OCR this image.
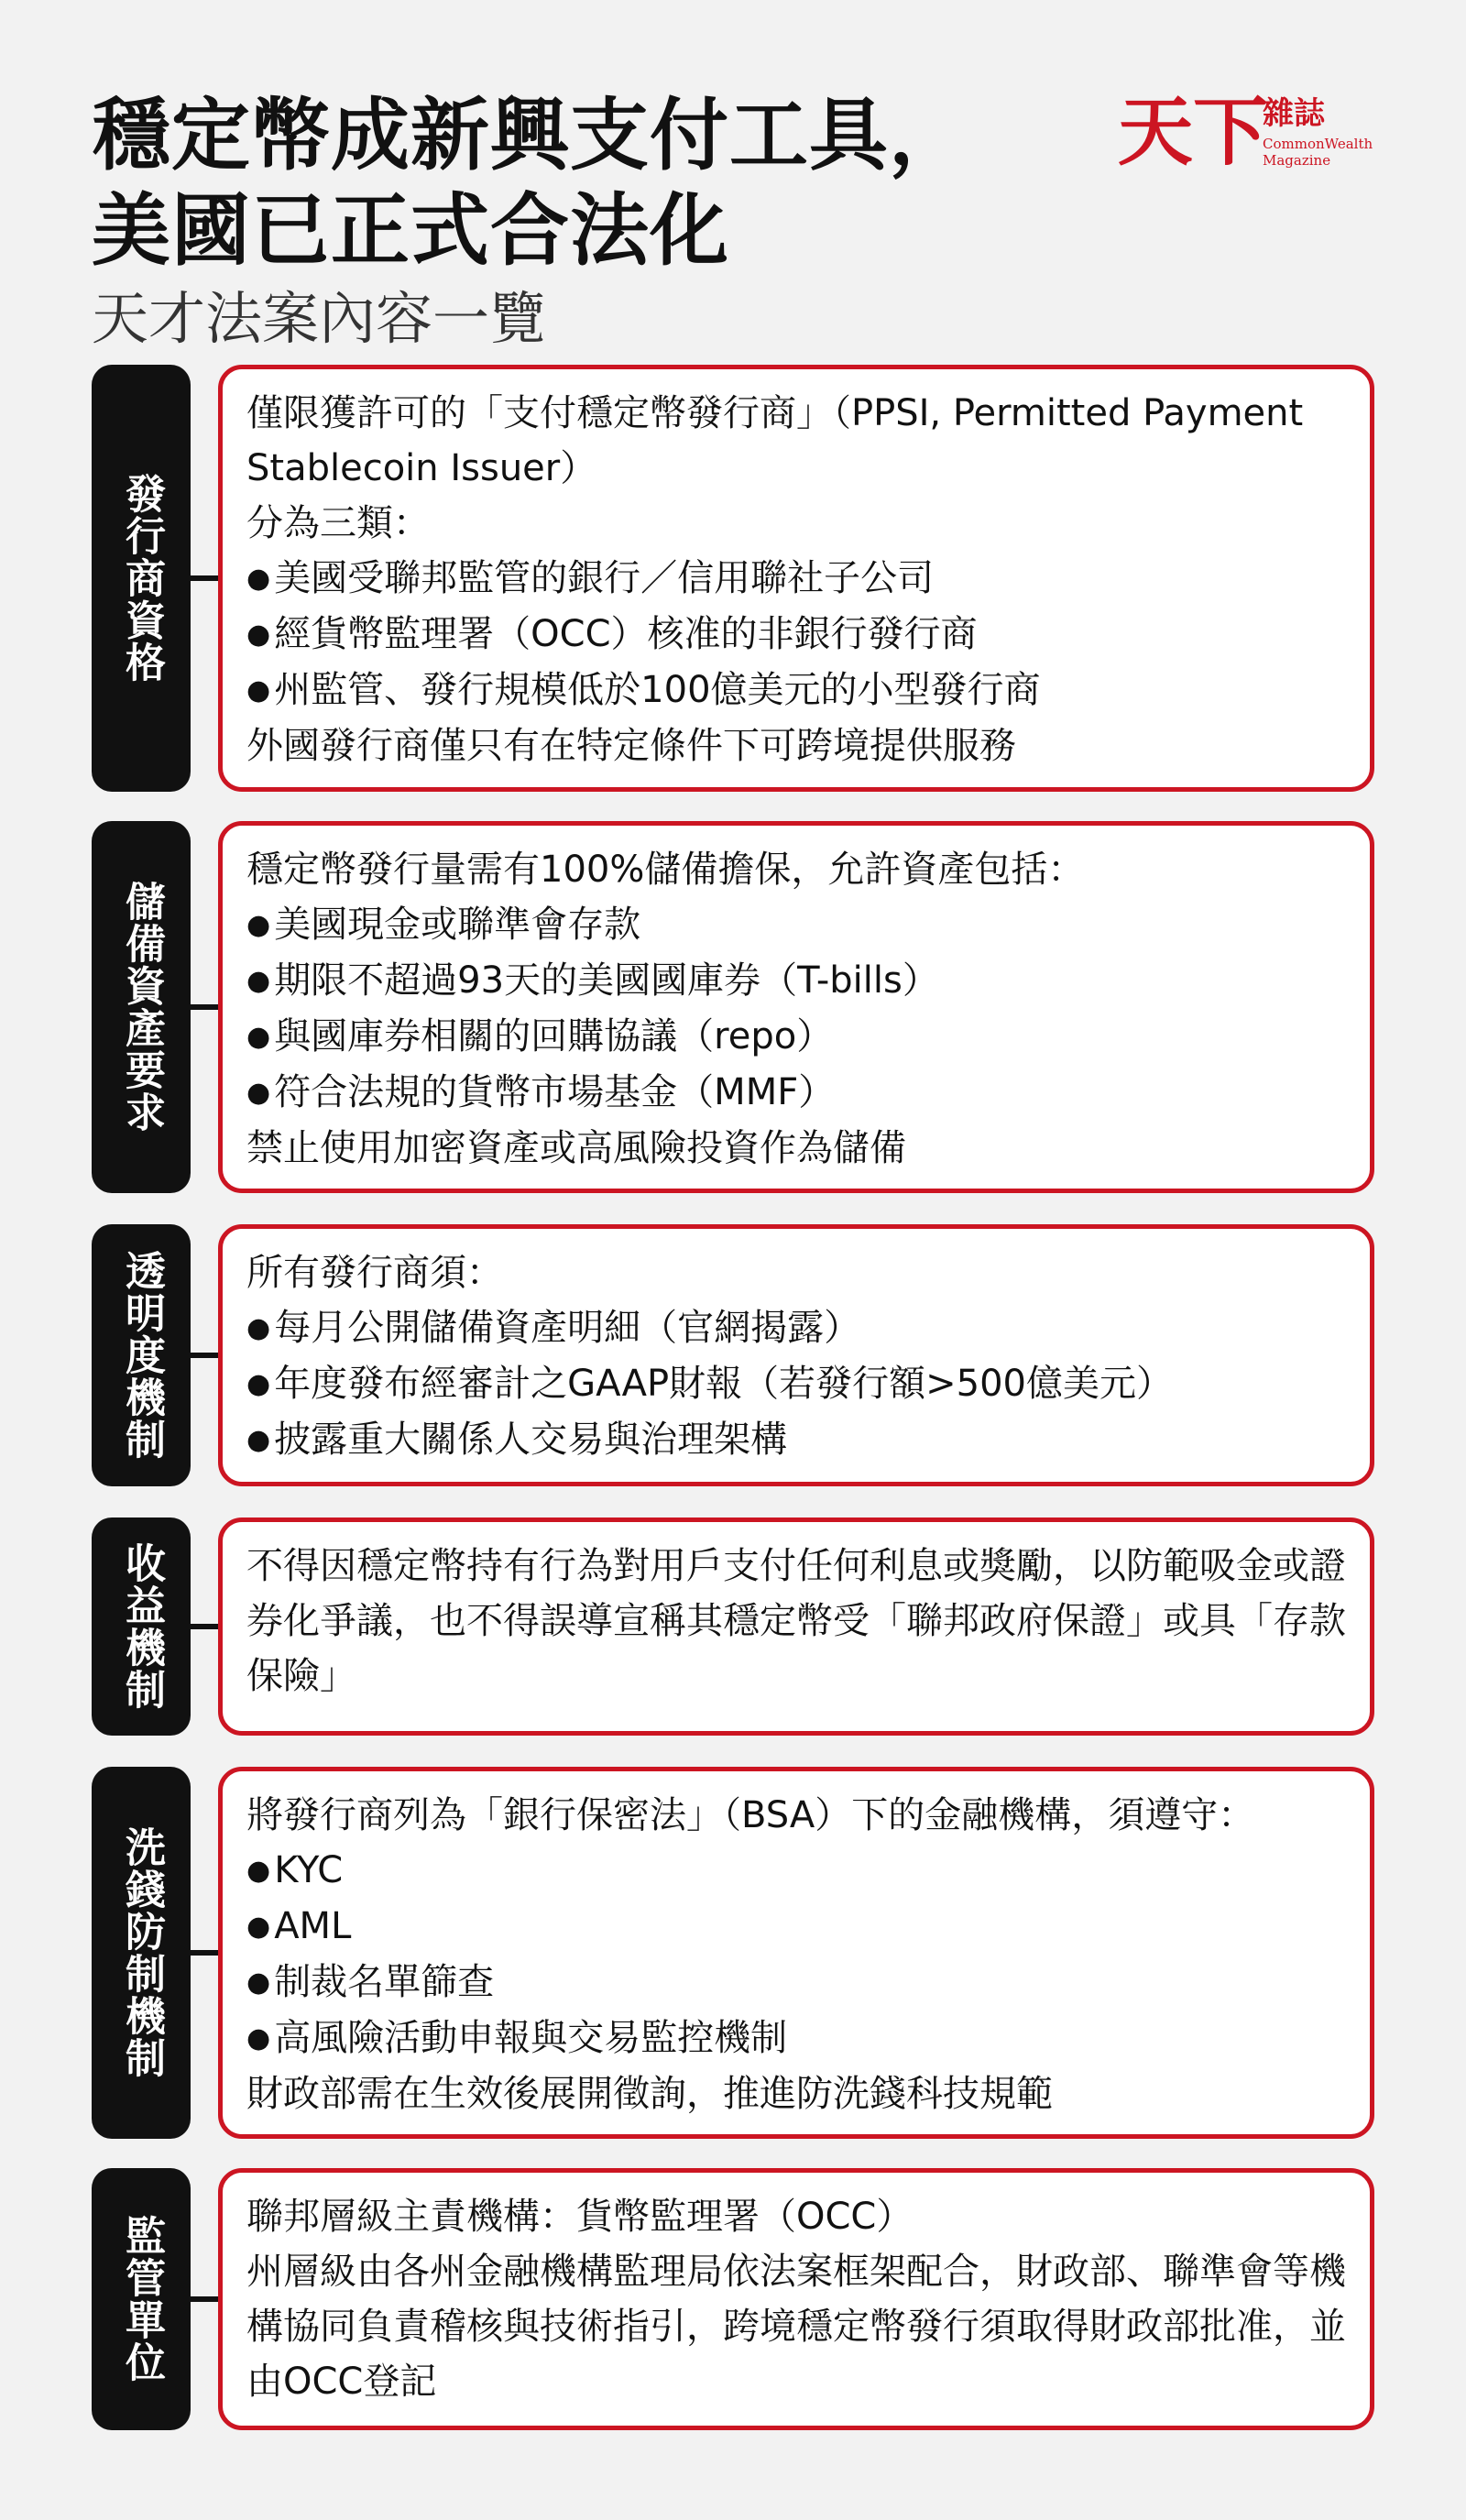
穩定幣成新興支付工具，
美國已正式合法化
天才法案內容一覽
天下
雜誌
CommonWealth
Magazine
發行商資格

僅限獲許可的「支付穩定幣發行商」（PPSI, Permitted Payment Stablecoin Issuer）

分為三類：

● 美國受聯邦監管的銀行／信用聯社子公司

● 經貨幣監理署（OCC）核准的非銀行發行商

● 州監管、發行規模低於100億美元的小型發行商

外國發行商僅只有在特定條件下可跨境提供服務

儲備資產要求

穩定幣發行量需有100%儲備擔保，允許資產包括：

● 美國現金或聯準會存款

● 期限不超過93天的美國國庫券（T-bills）

● 與國庫券相關的回購協議（repo）

● 符合法規的貨幣市場基金（MMF）

禁止使用加密資產或高風險投資作為儲備

透明度機制 所有發行商須：

● 每月公開儲備資產明細（官網揭露）

● 年度發布經審計之GAAP財報（若發行額>500億美元）

● 披露重大關係人交易與治理架構

收益機制 不得因穩定幣持有行為對用戶支付任何利息或獎勵，以防範吸金或證券化爭議，也不得誤導宣稱其穩定幣受「聯邦政府保證」或具「存款保險」

洗錢防制機制

將發行商列為「銀行保密法」（BSA）下的金融機構，須遵守：

● KYC

● AML

● 制裁名單篩查

● 高風險活動申報與交易監控機制

財政部需在生效後展開徵詢，推進防洗錢科技規範

監管單位 聯邦層級主責機構：貨幣監理署（OCC）

州層級由各州金融機構監理局依法案框架配合，財政部、聯準會等機構協同負責稽核與技術指引，跨境穩定幣發行須取得財政部批准，並由OCC登記
